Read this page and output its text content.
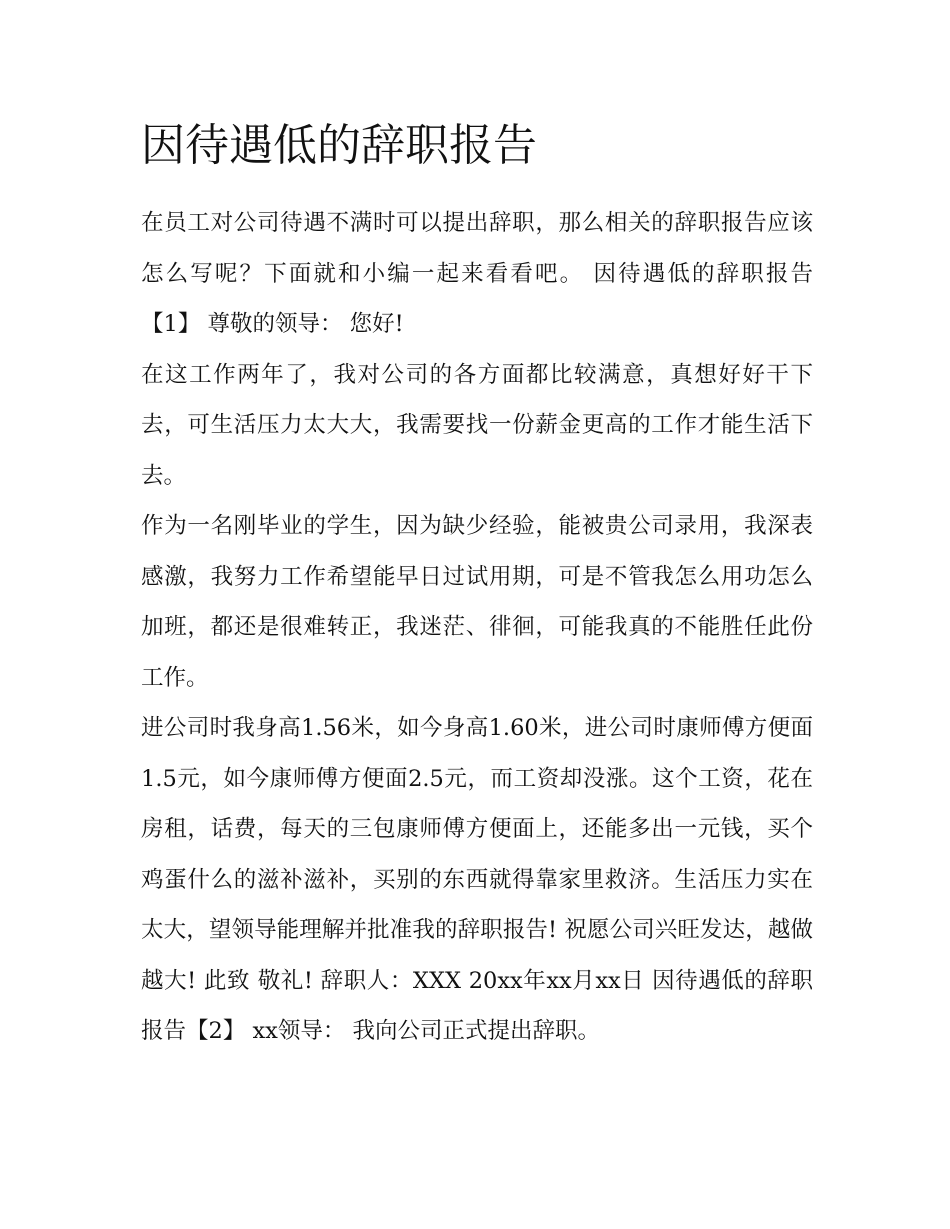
因待遇低的辞职报告

在员工对公司待遇不满时可以提出辞职，那么相关的辞职报告应该怎么写呢？下面就和小编一起来看看吧。 因待遇低的辞职报告【1】 尊敬的领导： 您好!

在这工作两年了，我对公司的各方面都比较满意，真想好好干下去，可生活压力太大大，我需要找一份薪金更高的工作才能生活下去。

作为一名刚毕业的学生，因为缺少经验，能被贵公司录用，我深表感激，我努力工作希望能早日过试用期，可是不管我怎么用功怎么加班，都还是很难转正，我迷茫、徘徊，可能我真的不能胜任此份工作。

进公司时我身高1.56米，如今身高1.60米，进公司时康师傅方便面1.5元，如今康师傅方便面2.5元，而工资却没涨。这个工资，花在房租，话费，每天的三包康师傅方便面上，还能多出一元钱，买个鸡蛋什么的滋补滋补，买别的东西就得靠家里救济。生活压力实在太大，望领导能理解并批准我的辞职报告! 祝愿公司兴旺发达，越做越大! 此致 敬礼! 辞职人：XXX 20xx年xx月xx日 因待遇低的辞职报告【2】 xx领导： 我向公司正式提出辞职。
